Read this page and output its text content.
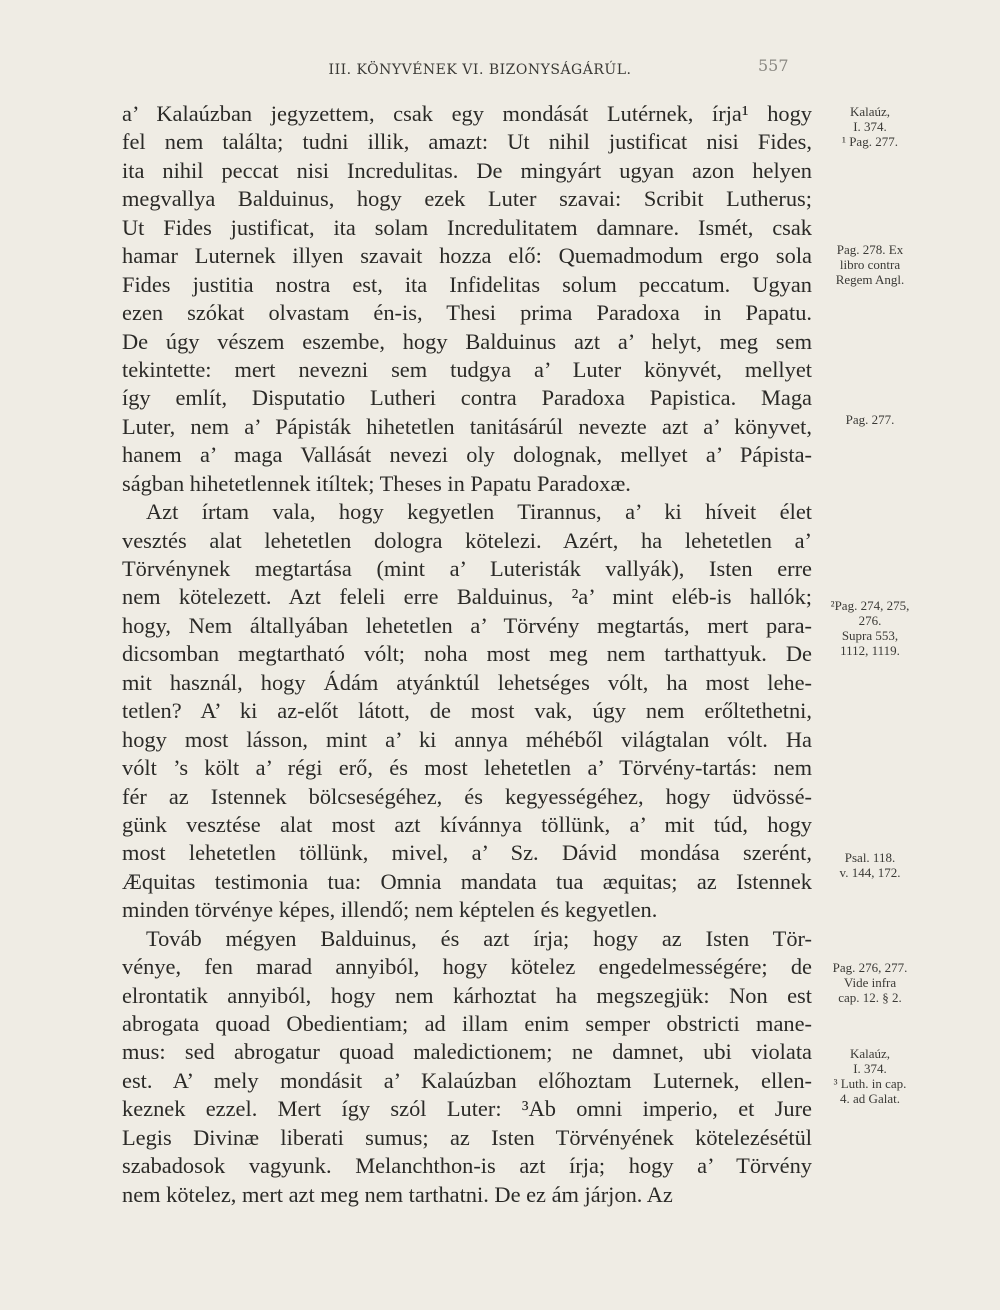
III. KÖNYVÉNEK VI. BIZONYSÁGÁRÚL.	557
a’ Kalaúzban jegyzettem, csak egy mondását Lutérnek, írja¹ hogy
fel nem találta; tudni illik, amazt: Ut nihil justificat nisi Fides,
ita nihil peccat nisi Incredulitas. De mingyárt ugyan azon helyen
megvallya Balduinus, hogy ezek Luter szavai: Scribit Lutherus;
Ut Fides justificat, ita solam Incredulitatem damnare. Ismét, csak
hamar Luternek illyen szavait hozza elő: Quemadmodum ergo sola
Fides justitia nostra est, ita Infidelitas solum peccatum. Ugyan
ezen szókat olvastam én-is, Thesi prima Paradoxa in Papatu.
De úgy vészem eszembe, hogy Balduinus azt a’ helyt, meg sem
tekintette: mert nevezni sem tudgya a’ Luter könyvét, mellyet
így említ, Disputatio Lutheri contra Paradoxa Papistica. Maga
Luter, nem a’ Pápisták hihetetlen tanitásárúl nevezte azt a’ könyvet,
hanem a’ maga Vallását nevezi oly dolognak, mellyet a’ Pápista-
ságban hihetetlennek itíltek; Theses in Papatu Paradoxæ.
Azt írtam vala, hogy kegyetlen Tirannus, a’ ki híveit élet
vesztés alat lehetetlen dologra kötelezi. Azért, ha lehetetlen a’
Törvénynek megtartása (mint a’ Luteristák vallyák), Isten erre
nem kötelezett. Azt feleli erre Balduinus, ²a’ mint eléb-is hallók;
hogy, Nem általlyában lehetetlen a’ Törvény megtartás, mert para-
dicsomban megtartható vólt; noha most meg nem tarthattyuk. De
mit használ, hogy Ádám atyánktúl lehetséges vólt, ha most lehe-
tetlen? A’ ki az-előt látott, de most vak, úgy nem erőltethetni,
hogy most lásson, mint a’ ki annya méhéből világtalan vólt. Ha
vólt ’s költ a’ régi erő, és most lehetetlen a’ Törvény-tartás: nem
fér az Istennek bölcseségéhez, és kegyességéhez, hogy üdvössé-
günk vesztése alat most azt kívánnya töllünk, a’ mit túd, hogy
most lehetetlen töllünk, mivel, a’ Sz. Dávid mondása szerént,
Æquitas testimonia tua: Omnia mandata tua æquitas; az Istennek
minden törvénye képes, illendő; nem képtelen és kegyetlen.
Továb mégyen Balduinus, és azt írja; hogy az Isten Tör-
vénye, fen marad annyiból, hogy kötelez engedelmességére; de
elrontatik annyiból, hogy nem kárhoztat ha megszegjük: Non est
abrogata quoad Obedientiam; ad illam enim semper obstricti mane-
mus: sed abrogatur quoad maledictionem; ne damnet, ubi violata
est. A’ mely mondásit a’ Kalaúzban előhoztam Luternek, ellen-
keznek ezzel. Mert így szól Luter: ³Ab omni imperio, et Jure
Legis Divinæ liberati sumus; az Isten Törvényének kötelezésétül
szabadosok vagyunk. Melanchthon-is azt írja; hogy a’ Törvény
nem kötelez, mert azt meg nem tarthatni. De ez ám járjon. Az
Kalaúz,
I. 374.
¹ Pag. 277.
Pag. 278. Ex
libro contra
Regem Angl.
Pag. 277.
²Pag. 274, 275,
276.
Supra 553,
1112, 1119.
Psal. 118.
v. 144, 172.
Pag. 276, 277.
Vide infra
cap. 12. § 2.
Kalaúz,
I. 374.
³ Luth. in cap.
4. ad Galat.
